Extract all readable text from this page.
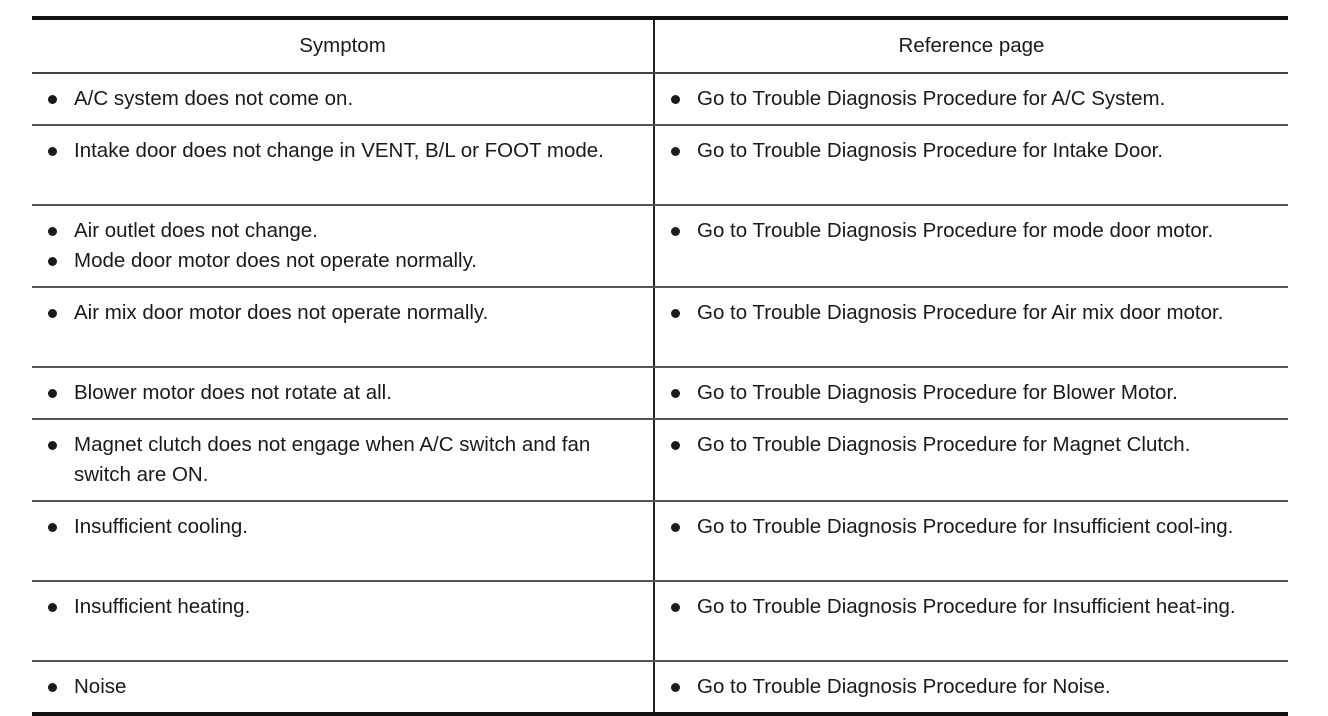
Symptom	Reference page

A/C system does not come on.	Go to Trouble Diagnosis Procedure for A/C System.

Intake door does not change in VENT, B/L or FOOT mode.	Go to Trouble Diagnosis Procedure for Intake Door.

Air outlet does not change.
Mode door motor does not operate normally.	Go to Trouble Diagnosis Procedure for mode door motor.

Air mix door motor does not operate normally.	Go to Trouble Diagnosis Procedure for Air mix door motor.

Blower motor does not rotate at all.	Go to Trouble Diagnosis Procedure for Blower Motor.

Magnet clutch does not engage when A/C switch and fan switch are ON.	Go to Trouble Diagnosis Procedure for Magnet Clutch.

Insufficient cooling.	Go to Trouble Diagnosis Procedure for Insufficient cool-ing.

Insufficient heating.	Go to Trouble Diagnosis Procedure for Insufficient heat-ing.

Noise	Go to Trouble Diagnosis Procedure for Noise.
